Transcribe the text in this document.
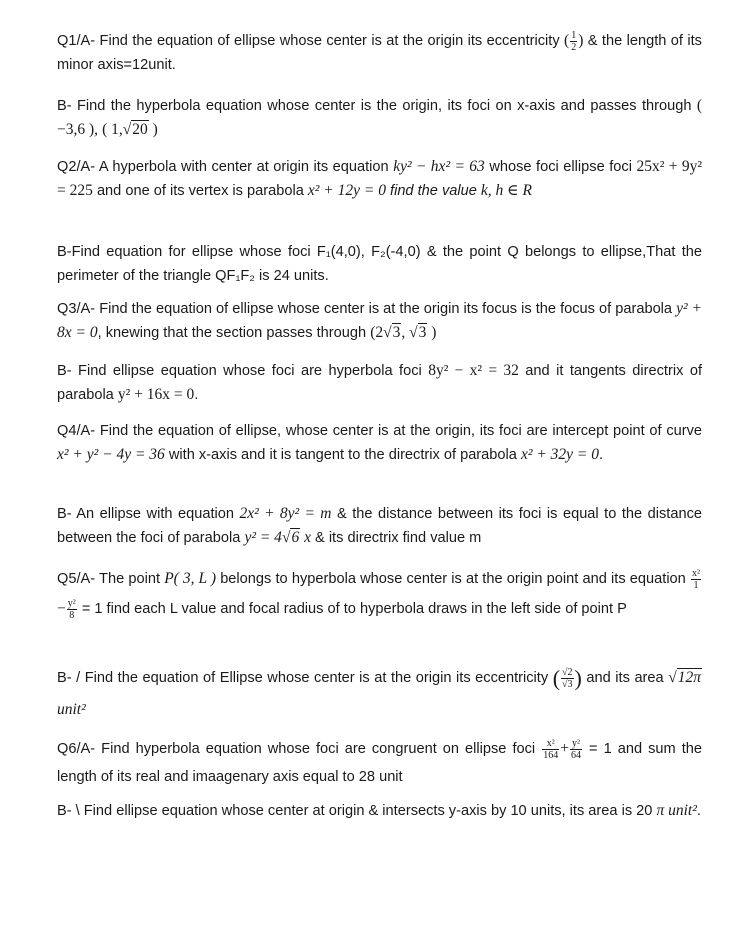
Q1/A- Find the equation of ellipse whose center is at the origin its eccentricity ( $\frac{1}{2}$ ) & the length of its minor axis=12unit.

B- Find the hyperbola equation whose center is the origin, its foci on x-axis and passes through ( −3,6 ), ( 1,√20 )

Q2/A- A hyperbola with center at origin its equation ky² − hx² = 63 whose foci ellipse foci 25x² + 9y² = 225 and one of its vertex is parabola x² + 12y = 0 find the value k, h ∈ R

B-Find equation for ellipse whose foci F₁(4,0), F₂(-4,0) & the point Q belongs to ellipse,That the perimeter of the triangle QF₁F₂ is 24 units.

Q3/A- Find the equation of ellipse whose center is at the origin its focus is the focus of parabola y² + 8x = 0, knewing that the section passes through (2√3, √3 )

B- Find ellipse equation whose foci are hyperbola foci 8y² − x² = 32 and it tangents directrix of parabola y² + 16x = 0.

Q4/A- Find the equation of ellipse, whose center is at the origin, its foci are intercept point of curve x² + y² − 4y = 36 with x-axis and it is tangent to the directrix of parabola x² + 32y = 0.

B- An ellipse with equation 2x² + 8y² = m & the distance between its foci is equal to the distance between the foci of parabola y² = 4√6 x & its directrix find value m

Q5/A- The point P( 3, L ) belongs to hyperbola whose center is at the origin point and its equation $\frac{\text{x²}}{1}$
− $\frac{\text{y²}}{8} = 1$ find each L value and focal radius of to hyperbola draws in the left side of point P

B- / Find the equation of Ellipse whose center is at the origin its eccentricity ( $\frac{√2}{√3}$ ) and its area √12π unit²

Q6/A- Find hyperbola equation whose foci are congruent on ellipse foci $\frac{\text{x²}}{164} + \frac{\text{y²}}{64} = 1$ and sum the length of its real and imaagenary axis equal to 28 unit

B- \ Find ellipse equation whose center at origin & intersects y-axis by 10 units, its area is 20 π unit².
